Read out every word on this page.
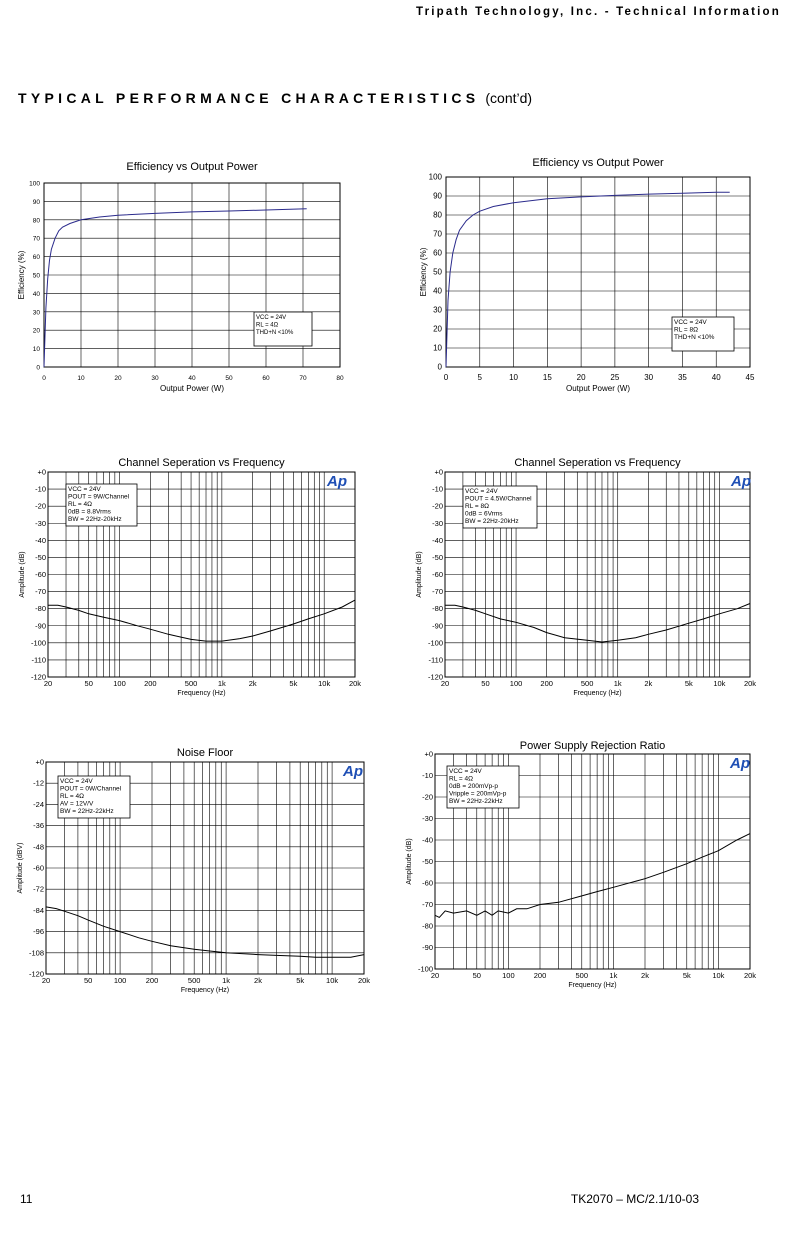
Tripath Technology, Inc. - Technical Information
TYPICAL PERFORMANCE CHARACTERISTICS (cont’d)
Efficiency vs Output Power
0	10	20	30	40	50	60	70	80
0
10
20
30
40
50
60
70
80
90
100
Output Power (W)
Efficiency (%)
VCC = 24V
RL = 4Ω
THD+N <10%
Efficiency vs Output Power
0	5	10	15	20	25	30	35	40	45
0
10
20
30
40
50
60
70
80
90
100
Output Power (W)
Efficiency (%)
VCC = 24V
RL = 8Ω
THD+N <10%
Channel Seperation vs Frequency
20	50	100 200	500	1k	2k	5k	10k 20k
+0
-10
-20
-30
-40
-50
-60
-70
-80
-90
-100
-110
-120
Frequency (Hz)
Amplitude (dB)
VCC = 24V
POUT = 9W/Channel
RL = 4Ω
0dB = 8.8Vrms
BW = 22Hz-20kHz
Ap
Channel Seperation vs Frequency
20	50	100 200	500	1k	2k	5k	10k 20k
+0
-10
-20
-30
-40
-50
-60
-70
-80
-90
-100
-110
-120
Frequency (Hz)
Amplitude (dB)
VCC = 24V
POUT = 4.5W/Channel
RL = 8Ω
0dB = 6Vrms
BW = 22Hz-20kHz
Ap
Noise Floor
20	50	100	200	500	1k	2k	5k	10k	20k
+0
-12
-24
-36
-48
-60
-72
-84
-96
-108
-120
Frequency (Hz)
Amplitude (dBV)
VCC = 24V
POUT = 0W/Channel
RL = 4Ω
AV = 12V/V
BW = 22Hz-22kHz
Ap
Power Supply Rejection Ratio
20	50	100	200	500	1k	2k	5k	10k	20k
+0
-10
-20
-30
-40
-50
-60
-70
-80
-90
-100
Frequency (Hz)
Amplitude (dB)
VCC = 24V
RL = 4Ω
0dB = 200mVp-p
Vripple = 200mVp-p
BW = 22Hz-22kHz
Ap
11	TK2070 – MC/2.1/10-03
